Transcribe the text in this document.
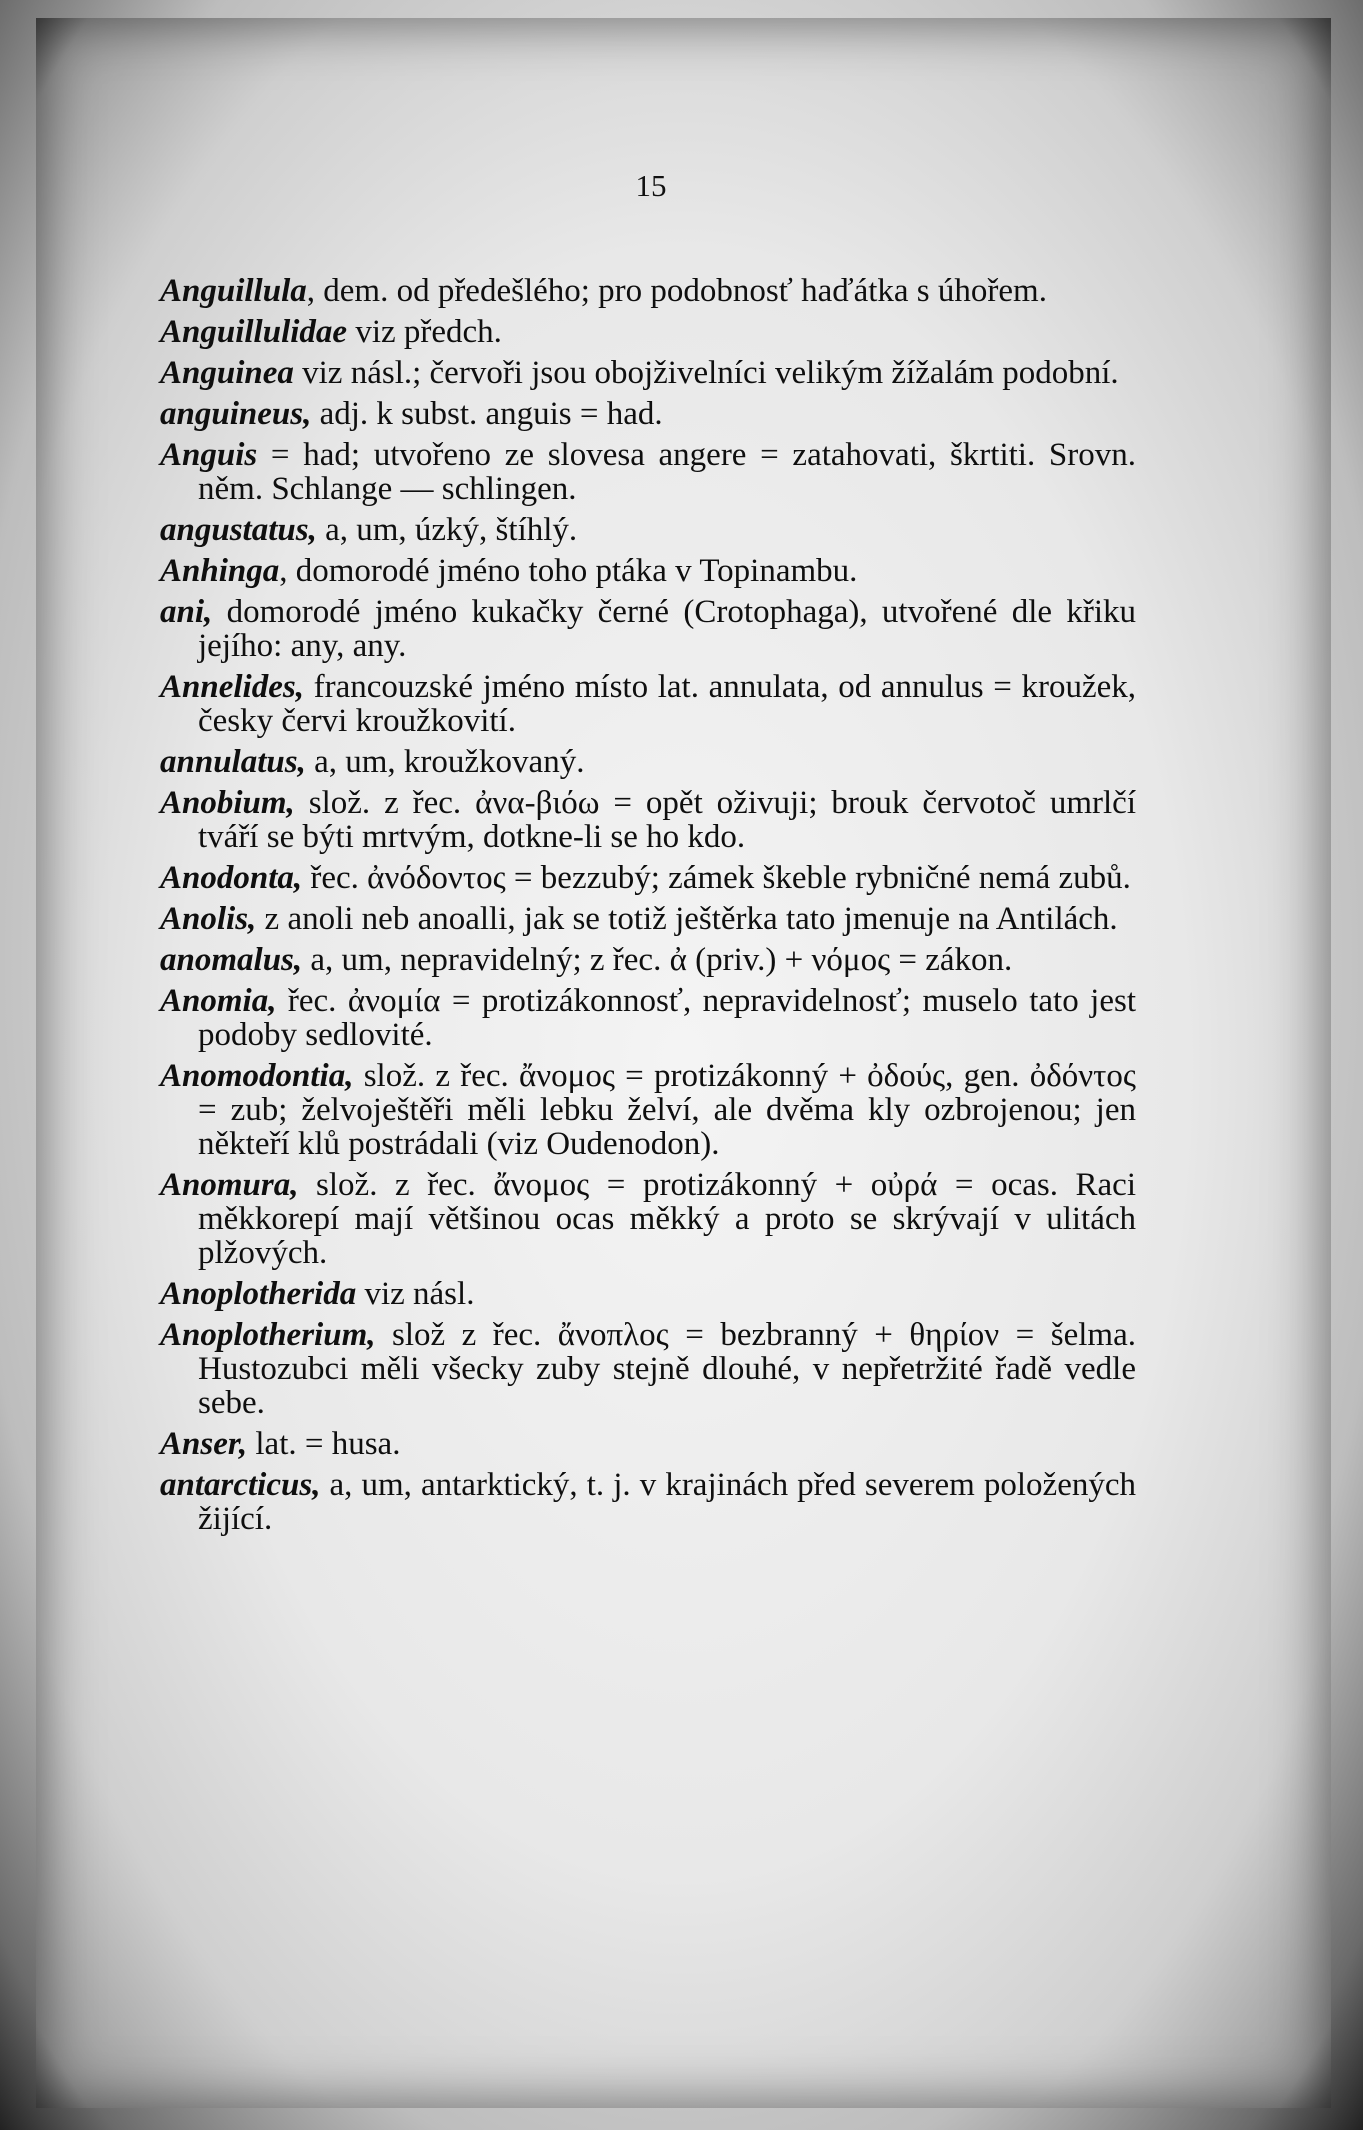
15

Anguillula, dem. od předešlého; pro podobnosť haďátka s úhořem.

Anguillulidae viz předch.

Anguinea viz násl.; červoři jsou obojživelníci velikým žížalám podobní.

anguineus, adj. k subst. anguis = had.

Anguis = had; utvořeno ze slovesa angere = zatahovati, škrtiti. Srovn. něm. Schlange — schlingen.

angustatus, a, um, úzký, štíhlý.

Anhinga, domorodé jméno toho ptáka v Topinambu.

ani, domorodé jméno kukačky černé (Crotophaga), utvořené dle křiku jejího: any, any.

Annelides, francouzské jméno místo lat. annulata, od annulus = kroužek, česky červi kroužkovití.

annulatus, a, um, kroužkovaný.

Anobium, slož. z řec. ἀνα-βιόω = opět oživuji; brouk červotoč umrlčí tváří se býti mrtvým, dotkne-li se ho kdo.

Anodonta, řec. ἀνόδοντος = bezzubý; zámek škeble rybničné nemá zubů.

Anolis, z anoli neb anoalli, jak se totiž ještěrka tato jmenuje na Antilách.

anomalus, a, um, nepravidelný; z řec. ἀ (priv.) + νόμος = zákon.

Anomia, řec. ἀνομία = protizákonnosť, nepravidelnosť; muselo tato jest podoby sedlovité.

Anomodontia, slož. z řec. ἄνομος = protizákonný + ὀδούς, gen. ὀδόντος = zub; želvoještěři měli lebku želví, ale dvěma kly ozbrojenou; jen někteří klů postrádali (viz Oudenodon).

Anomura, slož. z řec. ἄνομος = protizákonný + οὐρά = ocas. Raci měkkorepí mají většinou ocas měkký a proto se skrývají v ulitách plžových.

Anoplotherida viz násl.

Anoplotherium, slož z řec. ἄνοπλος = bezbranný + θηρίον = šelma. Hustozubci měli všecky zuby stejně dlouhé, v nepřetržité řadě vedle sebe.

Anser, lat. = husa.

antarcticus, a, um, antarktický, t. j. v krajinách před severem položených žijící.
